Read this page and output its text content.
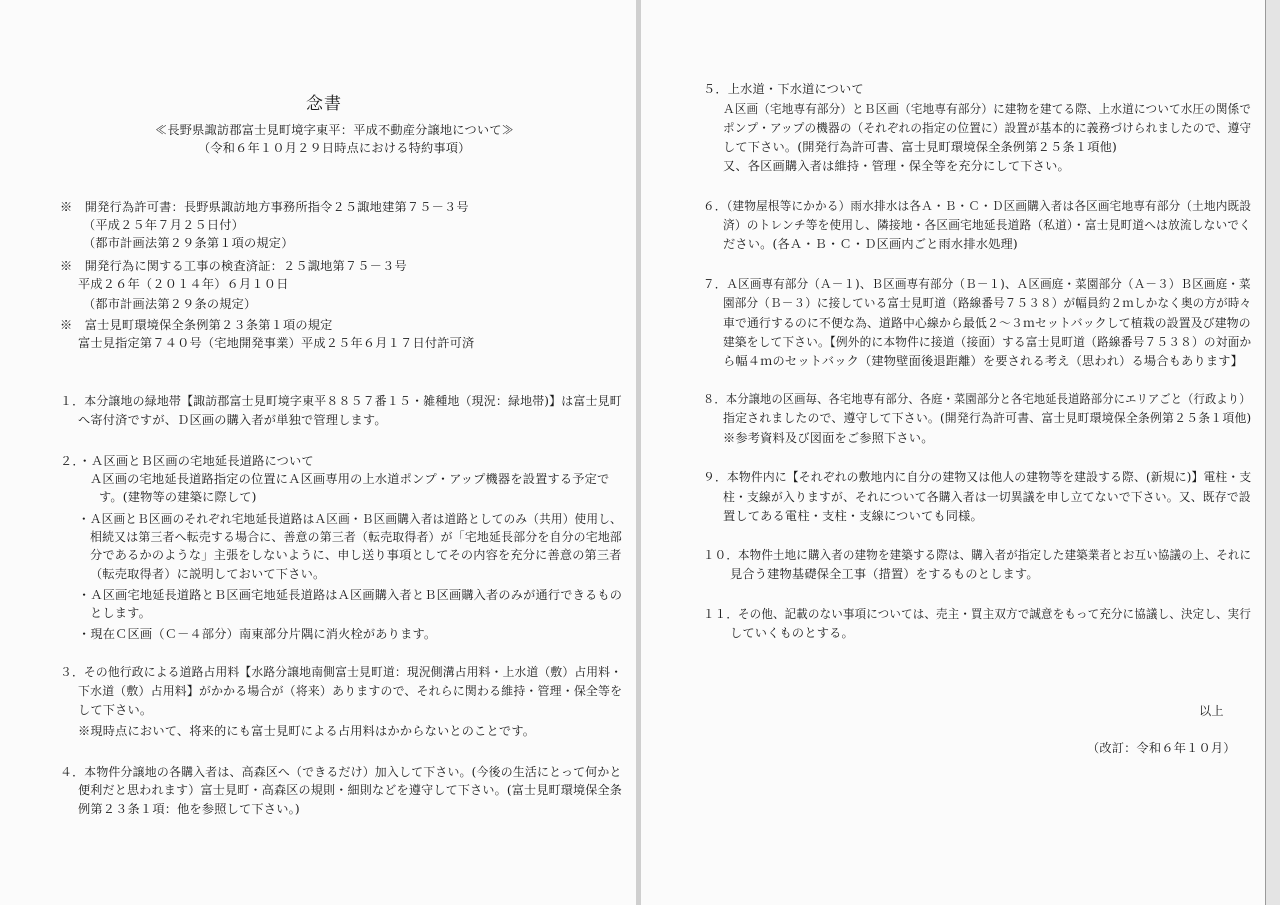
念書
≪長野県諏訪郡富士見町境字東平：平成不動産分譲地について≫
（令和６年１０月２９日時点における特約事項）
※　開発行為許可書：長野県諏訪地方事務所指令２５諏地建第７５－３号
（平成２５年７月２５日付）
（都市計画法第２９条第１項の規定）
※　開発行為に関する工事の検査済証：２５諏地第７５－３号
平成２６年（２０１４年）６月１０日
（都市計画法第２９条の規定）
※　富士見町環境保全条例第２３条第１項の規定
富士見指定第７４０号（宅地開発事業）平成２５年６月１７日付許可済
１．本分譲地の緑地帯【諏訪郡富士見町境字東平８８５７番１５・雑種地（現況：緑地帯)】は富士見町
へ寄付済ですが、Ｄ区画の購入者が単独で管理します。
２．・Ａ区画とＢ区画の宅地延長道路について
Ａ区画の宅地延長道路指定の位置にＡ区画専用の上水道ポンプ・アップ機器を設置する予定で
す。(建物等の建築に際して)
・Ａ区画とＢ区画のそれぞれ宅地延長道路はＡ区画・Ｂ区画購入者は道路としてのみ（共用）使用し、
相続又は第三者へ転売する場合に、善意の第三者（転売取得者）が「宅地延長部分を自分の宅地部
分であるかのような」主張をしないように、申し送り事項としてその内容を充分に善意の第三者
（転売取得者）に説明しておいて下さい。
・Ａ区画宅地延長道路とＢ区画宅地延長道路はＡ区画購入者とＢ区画購入者のみが通行できるもの
とします。
・現在Ｃ区画（Ｃ－４部分）南東部分片隅に消火栓があります。
３．その他行政による道路占用料【水路分譲地南側富士見町道：現況側溝占用料・上水道（敷）占用料・
下水道（敷）占用料】がかかる場合が（将来）ありますので、それらに関わる維持・管理・保全等を
して下さい。
※現時点において、将来的にも富士見町による占用料はかからないとのことです。
４．本物件分譲地の各購入者は、高森区へ（できるだけ）加入して下さい。(今後の生活にとって何かと
便利だと思われます）富士見町・高森区の規則・細則などを遵守して下さい。(富士見町環境保全条
例第２３条１項：他を参照して下さい。)
５．上水道・下水道について
Ａ区画（宅地専有部分）とＢ区画（宅地専有部分）に建物を建てる際、上水道について水圧の関係で
ポンプ・アップの機器の（それぞれの指定の位置に）設置が基本的に義務づけられましたので、遵守
して下さい。(開発行為許可書、富士見町環境保全条例第２５条１項他)
又、各区画購入者は維持・管理・保全等を充分にして下さい。
６．（建物屋根等にかかる）雨水排水は各Ａ・Ｂ・Ｃ・Ｄ区画購入者は各区画宅地専有部分（土地内既設
済）のトレンチ等を使用し、隣接地・各区画宅地延長道路（私道）・富士見町道へは放流しないでく
ださい。(各Ａ・Ｂ・Ｃ・Ｄ区画内ごと雨水排水処理)
７．Ａ区画専有部分（Ａ－１)、Ｂ区画専有部分（Ｂ－１)、Ａ区画庭・菜園部分（Ａ－３）Ｂ区画庭・菜
園部分（Ｂ－３）に接している富士見町道（路線番号７５３８）が幅員約２ｍしかなく奥の方が時々
車で通行するのに不便な為、道路中心線から最低２～３ｍセットバックして植栽の設置及び建物の
建築をして下さい。【例外的に本物件に接道（接面）する富士見町道（路線番号７５３８）の対面か
ら幅４ｍのセットバック（建物壁面後退距離）を要される考え（思われ）る場合もあります】
８．本分譲地の区画毎、各宅地専有部分、各庭・菜園部分と各宅地延長道路部分にエリアごと（行政より）
指定されましたので、遵守して下さい。(開発行為許可書、富士見町環境保全条例第２５条１項他)
※参考資料及び図面をご参照下さい。
９．本物件内に【それぞれの敷地内に自分の建物又は他人の建物等を建設する際、(新規に)】電柱・支
柱・支線が入りますが、それについて各購入者は一切異議を申し立てないで下さい。又、既存で設
置してある電柱・支柱・支線についても同様。
１０．本物件土地に購入者の建物を建築する際は、購入者が指定した建築業者とお互い協議の上、それに
見合う建物基礎保全工事（措置）をするものとします。
１１．その他、記載のない事項については、売主・買主双方で誠意をもって充分に協議し、決定し、実行
していくものとする。
以上
（改訂：令和６年１０月）
